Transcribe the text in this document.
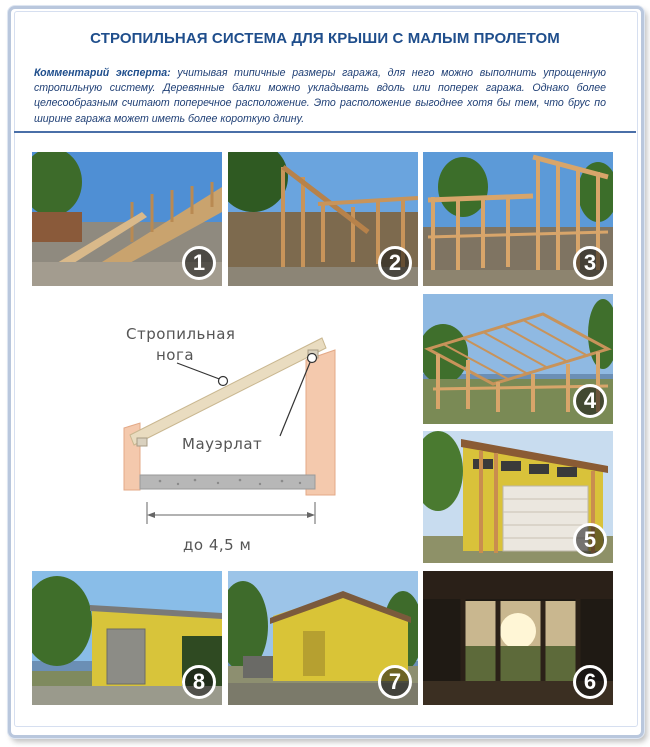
СТРОПИЛЬНАЯ СИСТЕМА ДЛЯ КРЫШИ С МАЛЫМ ПРОЛЕТОМ
Комментарий эксперта: учитывая типичные размеры гаража, для него можно выполнить упрощенную стропильную систему. Деревянные балки можно укладывать вдоль или поперек гаража. Однако более целесообразным считают поперечное расположение. Это расположение выгоднее хотя бы тем, что брус по ширине гаража может иметь более короткую длину.
1	2	3
4
5
6
7
8
Стропильная
нога
Мауэрлат
до 4,5 м
